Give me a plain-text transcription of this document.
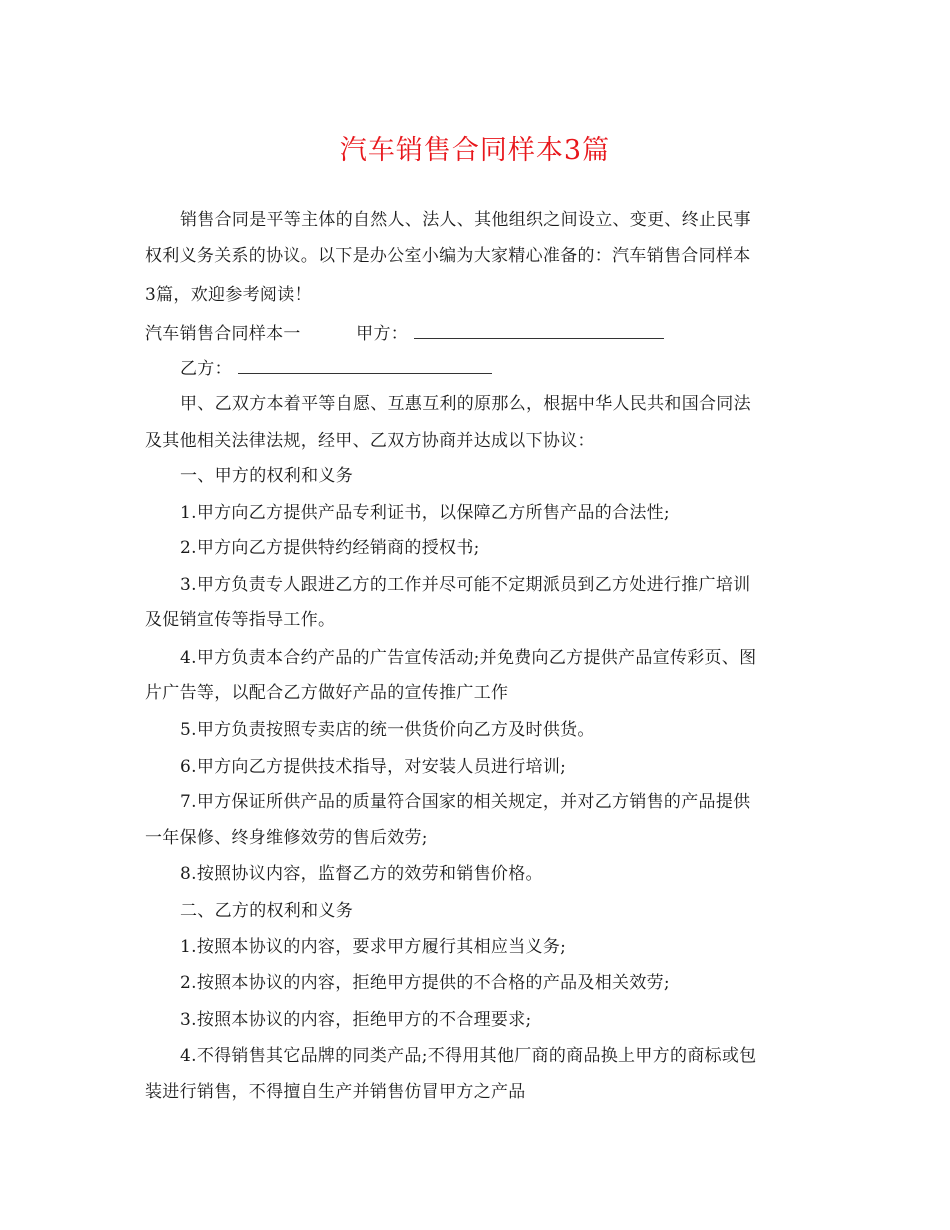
汽车销售合同样本3篇
销售合同是平等主体的自然人、法人、其他组织之间设立、变更、终止民事
权利义务关系的协议。以下是办公室小编为大家精心准备的：汽车销售合同样本
3篇，欢迎参考阅读！
汽车销售合同样本一	甲方：
乙方：
甲、乙双方本着平等自愿、互惠互利的原那么，根据中华人民共和国合同法
及其他相关法律法规，经甲、乙双方协商并达成以下协议：
一、甲方的权利和义务
1.甲方向乙方提供产品专利证书，以保障乙方所售产品的合法性;
2.甲方向乙方提供特约经销商的授权书;
3.甲方负责专人跟进乙方的工作并尽可能不定期派员到乙方处进行推广培训
及促销宣传等指导工作。
4.甲方负责本合约产品的广告宣传活动;并免费向乙方提供产品宣传彩页、图
片广告等，以配合乙方做好产品的宣传推广工作
5.甲方负责按照专卖店的统一供货价向乙方及时供货。
6.甲方向乙方提供技术指导，对安装人员进行培训;
7.甲方保证所供产品的质量符合国家的相关规定，并对乙方销售的产品提供
一年保修、终身维修效劳的售后效劳;
8.按照协议内容，监督乙方的效劳和销售价格。
二、乙方的权利和义务
1.按照本协议的内容，要求甲方履行其相应当义务;
2.按照本协议的内容，拒绝甲方提供的不合格的产品及相关效劳;
3.按照本协议的内容，拒绝甲方的不合理要求;
4.不得销售其它品牌的同类产品;不得用其他厂商的商品换上甲方的商标或包
装进行销售，不得擅自生产并销售仿冒甲方之产品
